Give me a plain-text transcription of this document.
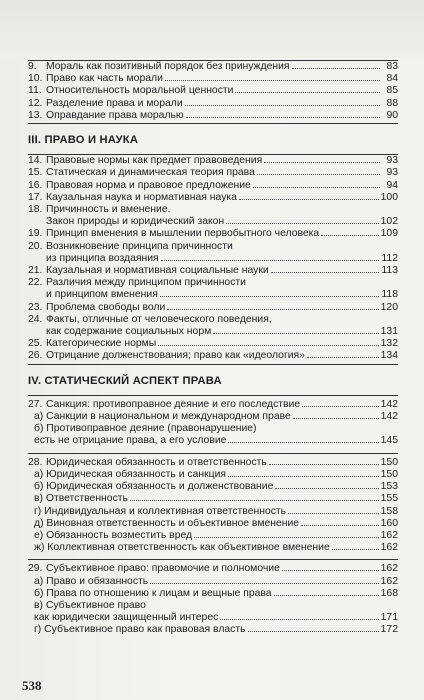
9. Мораль как позитивный порядок без принуждения	83
10. Право как часть морали	84
11. Относительность моральной ценности	85
12. Разделение права и морали	88
13. Оправдание права моралью	90
III. ПРАВО И НАУКА
14. Правовые нормы как предмет правоведения	93
15. Статическая и динамическая теория права	93
16. Правовая норма и правовое предложение	94
17. Каузальная наука и нормативная наука	100
18. Причинность и вменение.
Закон природы и юридический закон	102
19. Принцип вменения в мышлении первобытного человека	109
20. Возникновение принципа причинности
из принципа воздаяния	112
21. Каузальная и нормативная социальные науки	113
22. Различия между принципом причинности
и принципом вменения	118
23. Проблема свободы воли	120
24. Факты, отличные от человеческого поведения,
как содержание социальных норм	131
25. Категорические нормы	132
26. Отрицание долженствования; право как «идеология»	134
IV. СТАТИЧЕСКИЙ АСПЕКТ ПРАВА
27. Санкция: противоправное деяние и его последствие	142
а) Санкции в национальном и международном праве	142
б) Противоправное деяние (правонарушение)
есть не отрицание права, а его условие	145
28. Юридическая обязанность и ответственность	150
а) Юридическая обязанность и санкция	150
б) Юридическая обязанность и долженствование	153
в) Ответственность	155
г) Индивидуальная и коллективная ответственность	158
д) Виновная ответственность и объективное вменение	160
е) Обязанность возместить вред	162
ж) Коллективная ответственность как объективное вменение	162
29. Субъективное право: правомочие и полномочие	162
а) Право и обязанность	162
б) Права по отношению к лицам и вещные права	168
в) Субъективное право
как юридически защищенный интерес	171
г) Субъективное право как правовая власть	172
538
